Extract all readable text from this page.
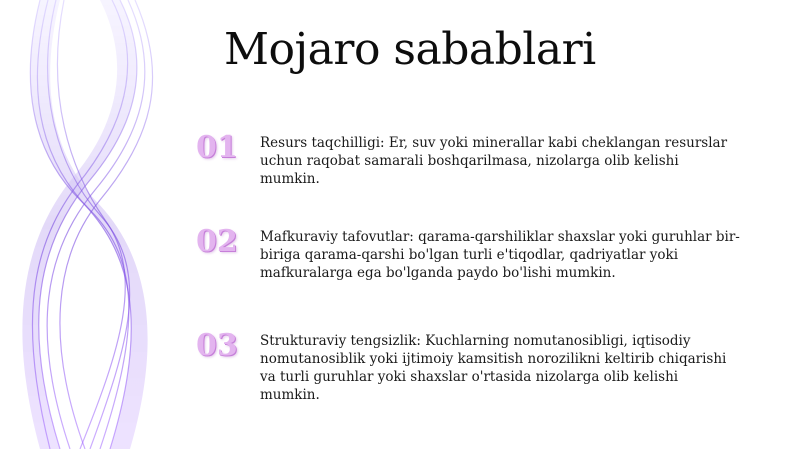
Mojaro sabablari
01	Resurs taqchilligi: Er, suv yoki minerallar kabi cheklangan resurslar uchun raqobat samarali boshqarilmasa, nizolarga olib kelishi mumkin.

02	Mafkuraviy tafovutlar: qarama-qarshiliklar shaxslar yoki guruhlar bir-biriga qarama-qarshi bo'lgan turli e'tiqodlar, qadriyatlar yoki mafkuralarga ega bo'lganda paydo bo'lishi mumkin.

03	Strukturaviy tengsizlik: Kuchlarning nomutanosibligi, iqtisodiy nomutanosiblik yoki ijtimoiy kamsitish norozilikni keltirib chiqarishi va turli guruhlar yoki shaxslar o'rtasida nizolarga olib kelishi mumkin.
